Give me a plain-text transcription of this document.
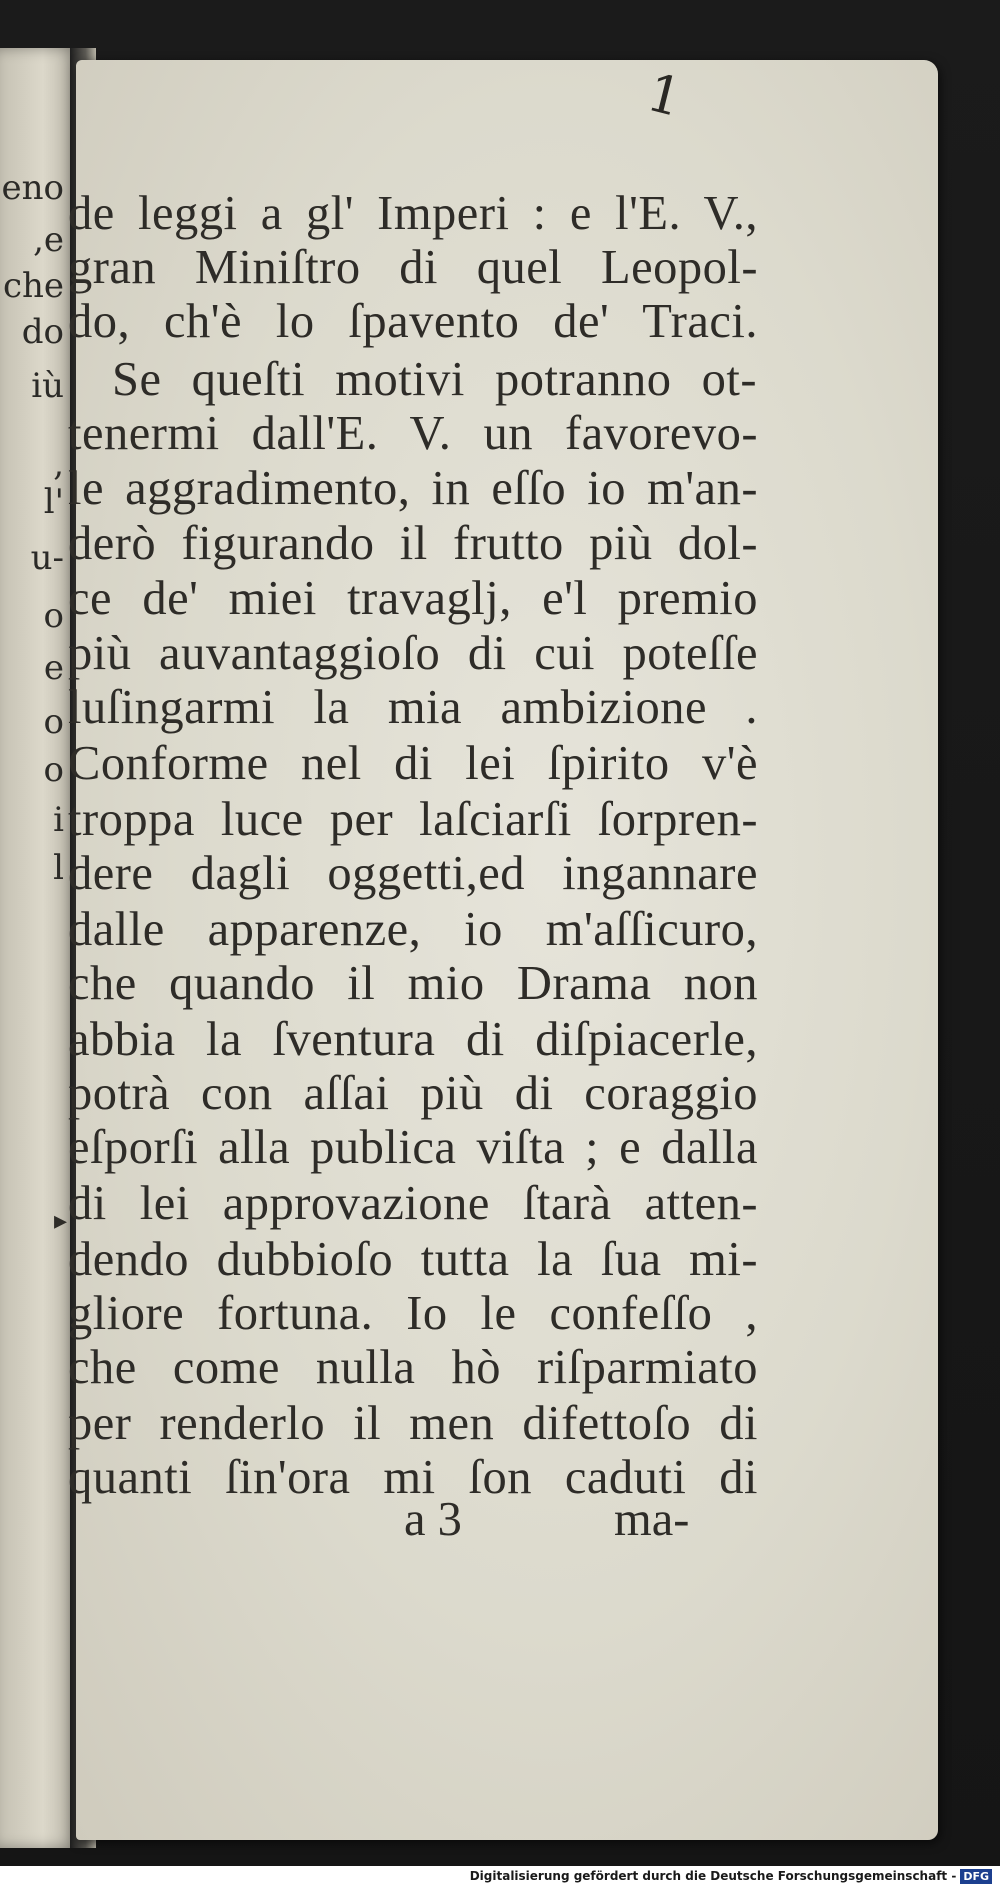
eno
,e
che
do
iù
,
l'
u-
o
e
o
o
i
l
1
de leggi a gl' Imperi : e l'E. V.,
gran Miniſtro di quel Leopol-
do, ch'è lo ſpavento de' Traci.
Se queſti motivi potranno ot-
tenermi dall'E. V. un favorevo-
le aggradimento, in eſſo io m'an-
derò figurando il frutto più dol-
ce de' miei travaglj, e'l premio
più auvantaggioſo di cui poteſſe
luſingarmi la mia ambizione .
Conforme nel di lei ſpirito v'è
troppa luce per laſciarſi ſorpren-
dere dagli oggetti,ed ingannare
dalle apparenze, io m'aſſicuro,
che quando il mio Drama non
abbia la ſventura di diſpiacerle,
potrà con aſſai più di coraggio
eſporſi alla publica viſta ; e dalla
▸ di lei approvazione ſtarà atten-
dendo dubbioſo tutta la ſua mi-
gliore fortuna. Io le confeſſo ,
che come nulla hò riſparmiato
per renderlo il men difettoſo di
quanti ſin'ora mi ſon caduti di
a 3	ma-
Digitalisierung gefördert durch die Deutsche Forschungsgemeinschaft - DFG
